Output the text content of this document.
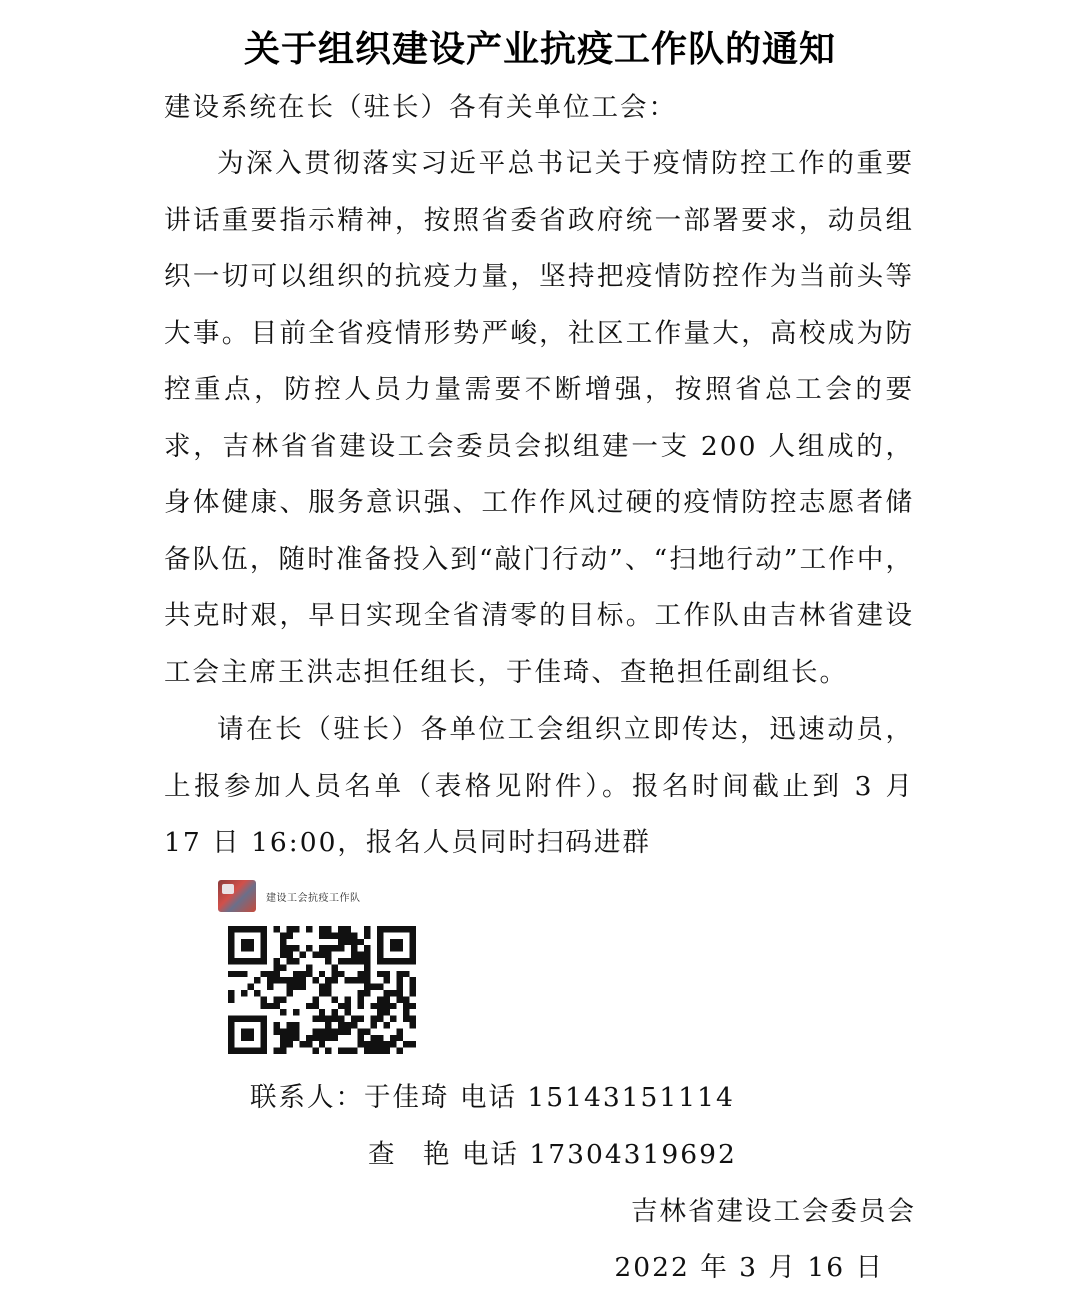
关于组织建设产业抗疫工作队的通知

建设系统在长（驻长）各有关单位工会：

为深入贯彻落实习近平总书记关于疫情防控工作的重要讲话重要指示精神，按照省委省政府统一部署要求，动员组织一切可以组织的抗疫力量，坚持把疫情防控作为当前头等大事。目前全省疫情形势严峻，社区工作量大，高校成为防控重点，防控人员力量需要不断增强，按照省总工会的要求，吉林省省建设工会委员会拟组建一支 200 人组成的，身体健康、服务意识强、工作作风过硬的疫情防控志愿者储备队伍，随时准备投入到“敲门行动”、“扫地行动”工作中，共克时艰，早日实现全省清零的目标。工作队由吉林省建设工会主席王洪志担任组长，于佳琦、查艳担任副组长。

请在长（驻长）各单位工会组织立即传达，迅速动员，上报参加人员名单（表格见附件）。报名时间截止到 3 月 17 日 16:00，报名人员同时扫码进群

建设工会抗疫工作队

联系人：于佳琦 电话 15143151114

查 艳 电话 17304319692

吉林省建设工会委员会

2022 年 3 月 16 日
